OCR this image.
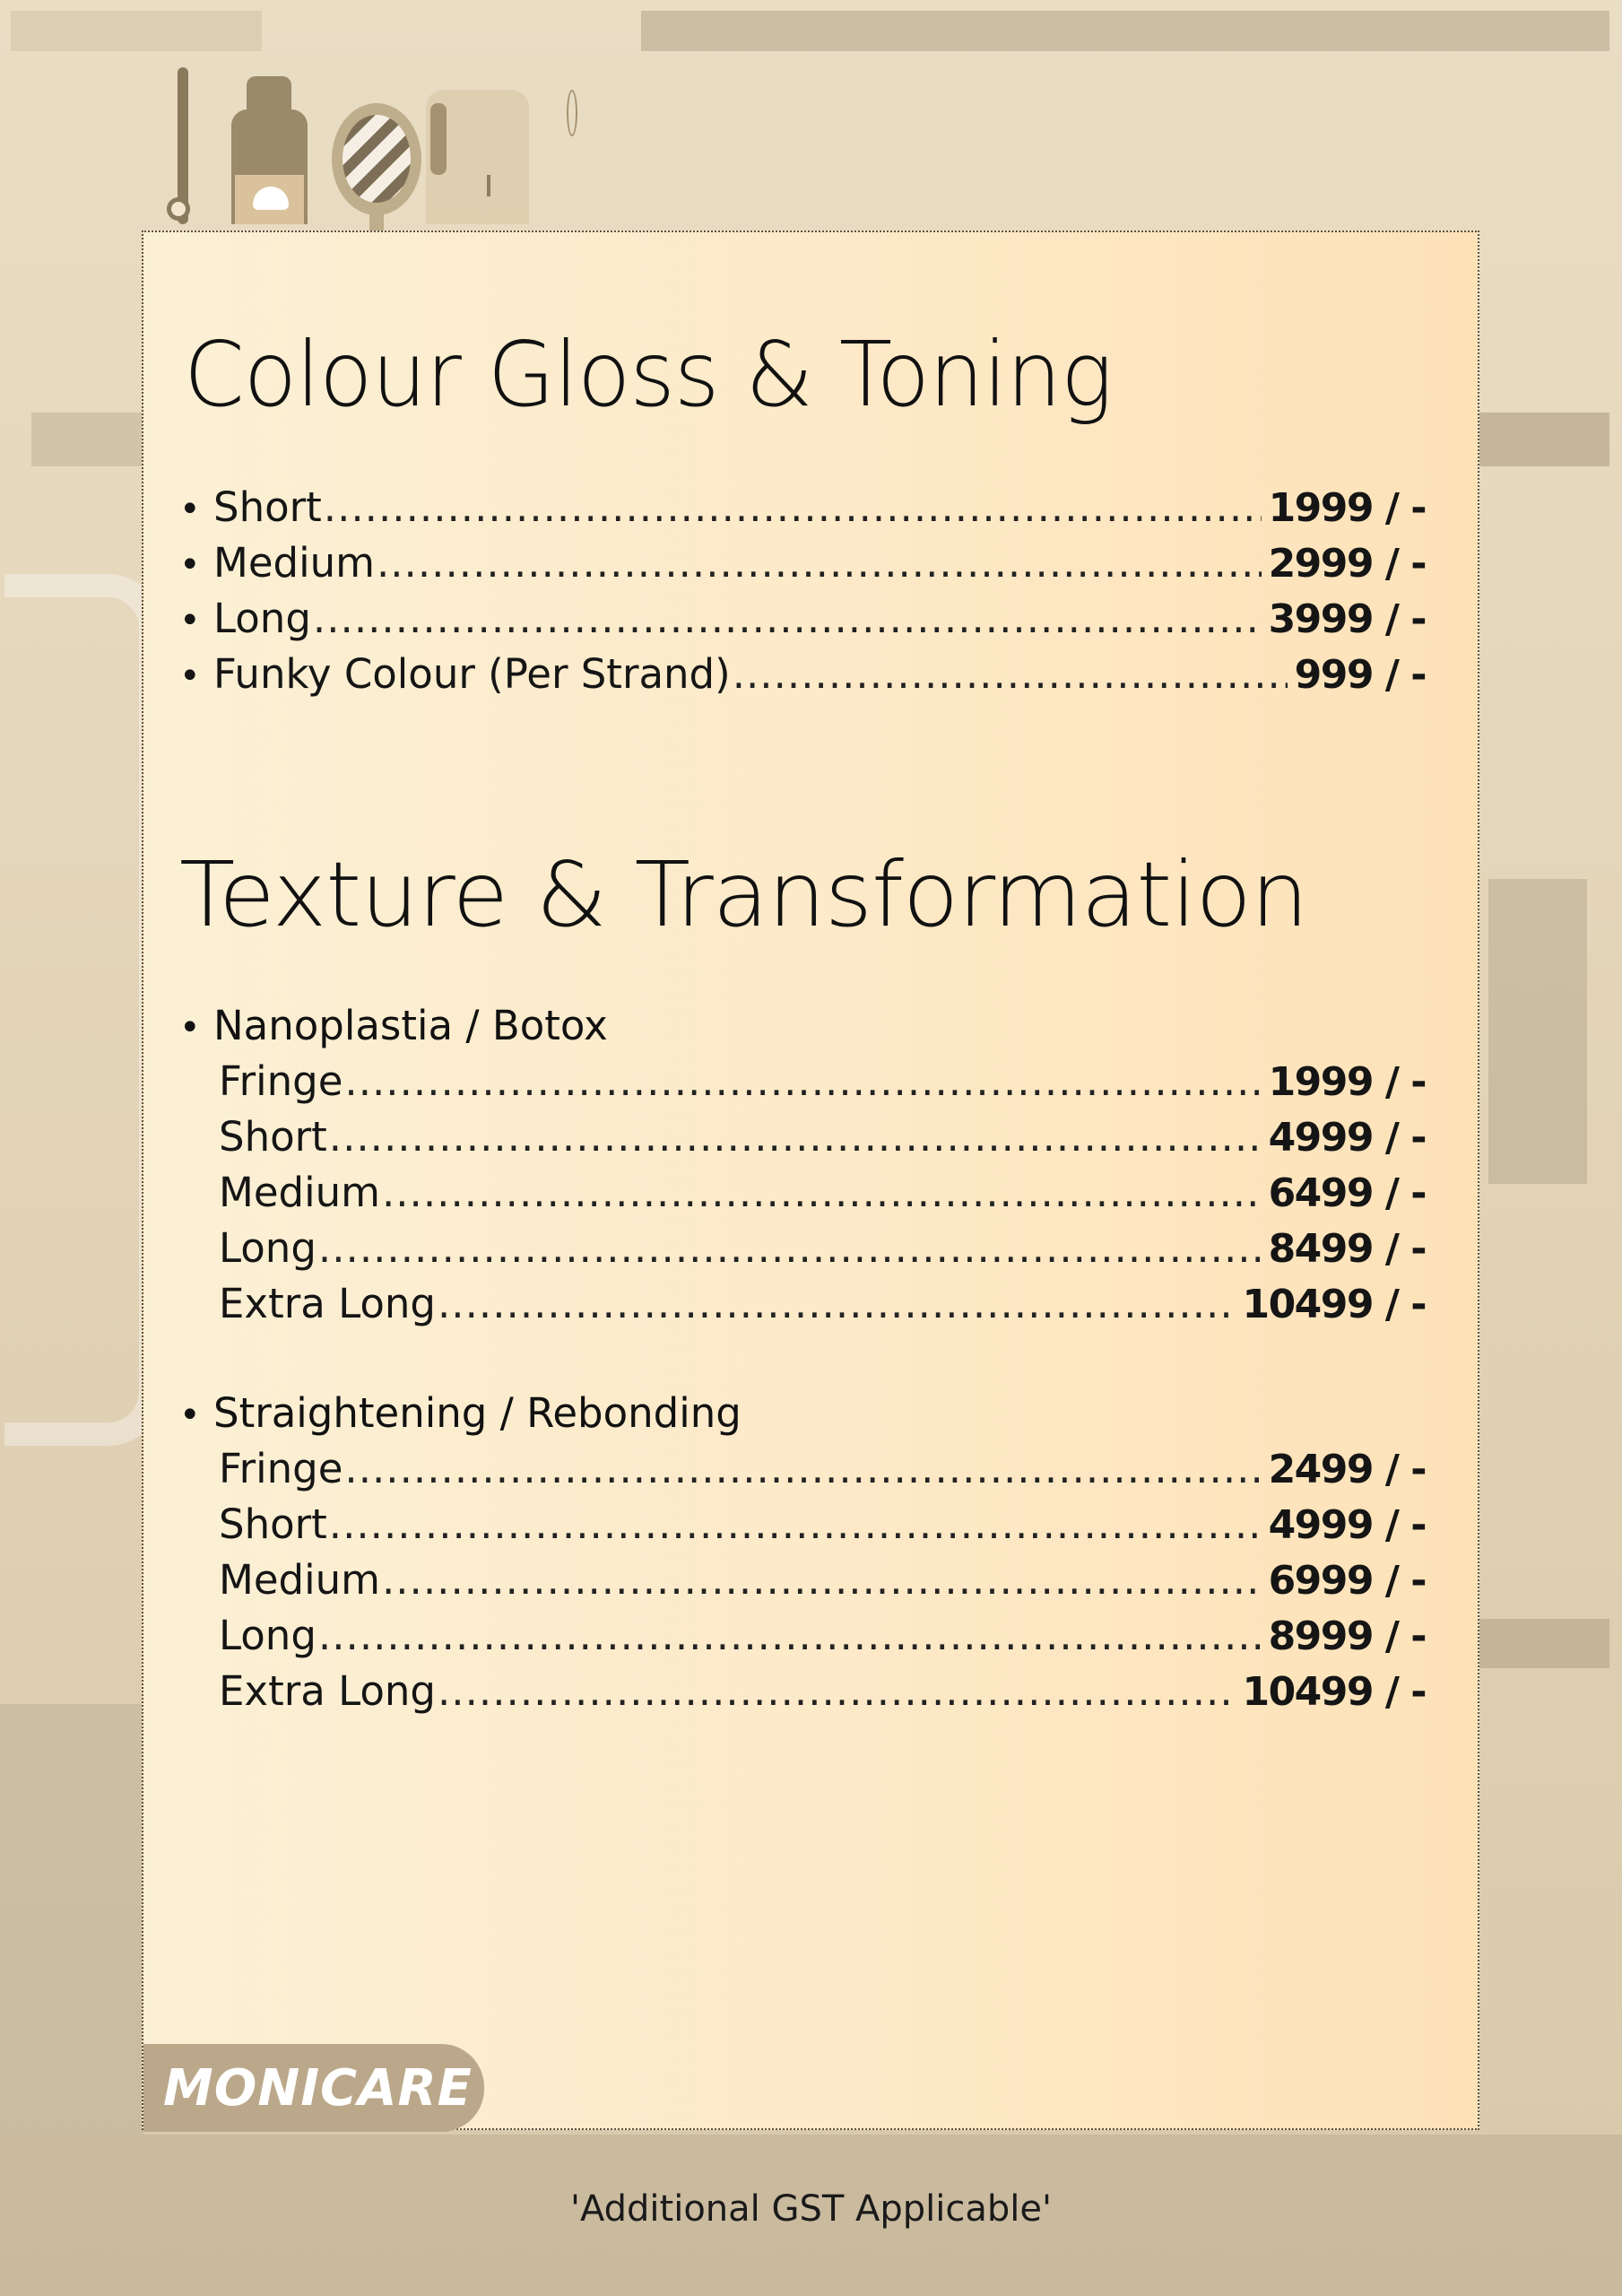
Colour Gloss & Toning
• Short .....	1999 / -
• Medium .....	2999 / -
• Long .....	3999 / -
• Funky Colour (Per Strand) .....	999 / -
Texture & Transformation
• Nanoplastia / Botox
Fringe .....	1999 / -
Short .....	4999 / -
Medium .....	6499 / -
Long .....	8499 / -
Extra Long .....	10499 / -
• Straightening / Rebonding
Fringe .....	2499 / -
Short .....	4999 / -
Medium .....	6999 / -
Long .....	8999 / -
Extra Long .....	10499 / -
MONICARE
'Additional GST Applicable'
